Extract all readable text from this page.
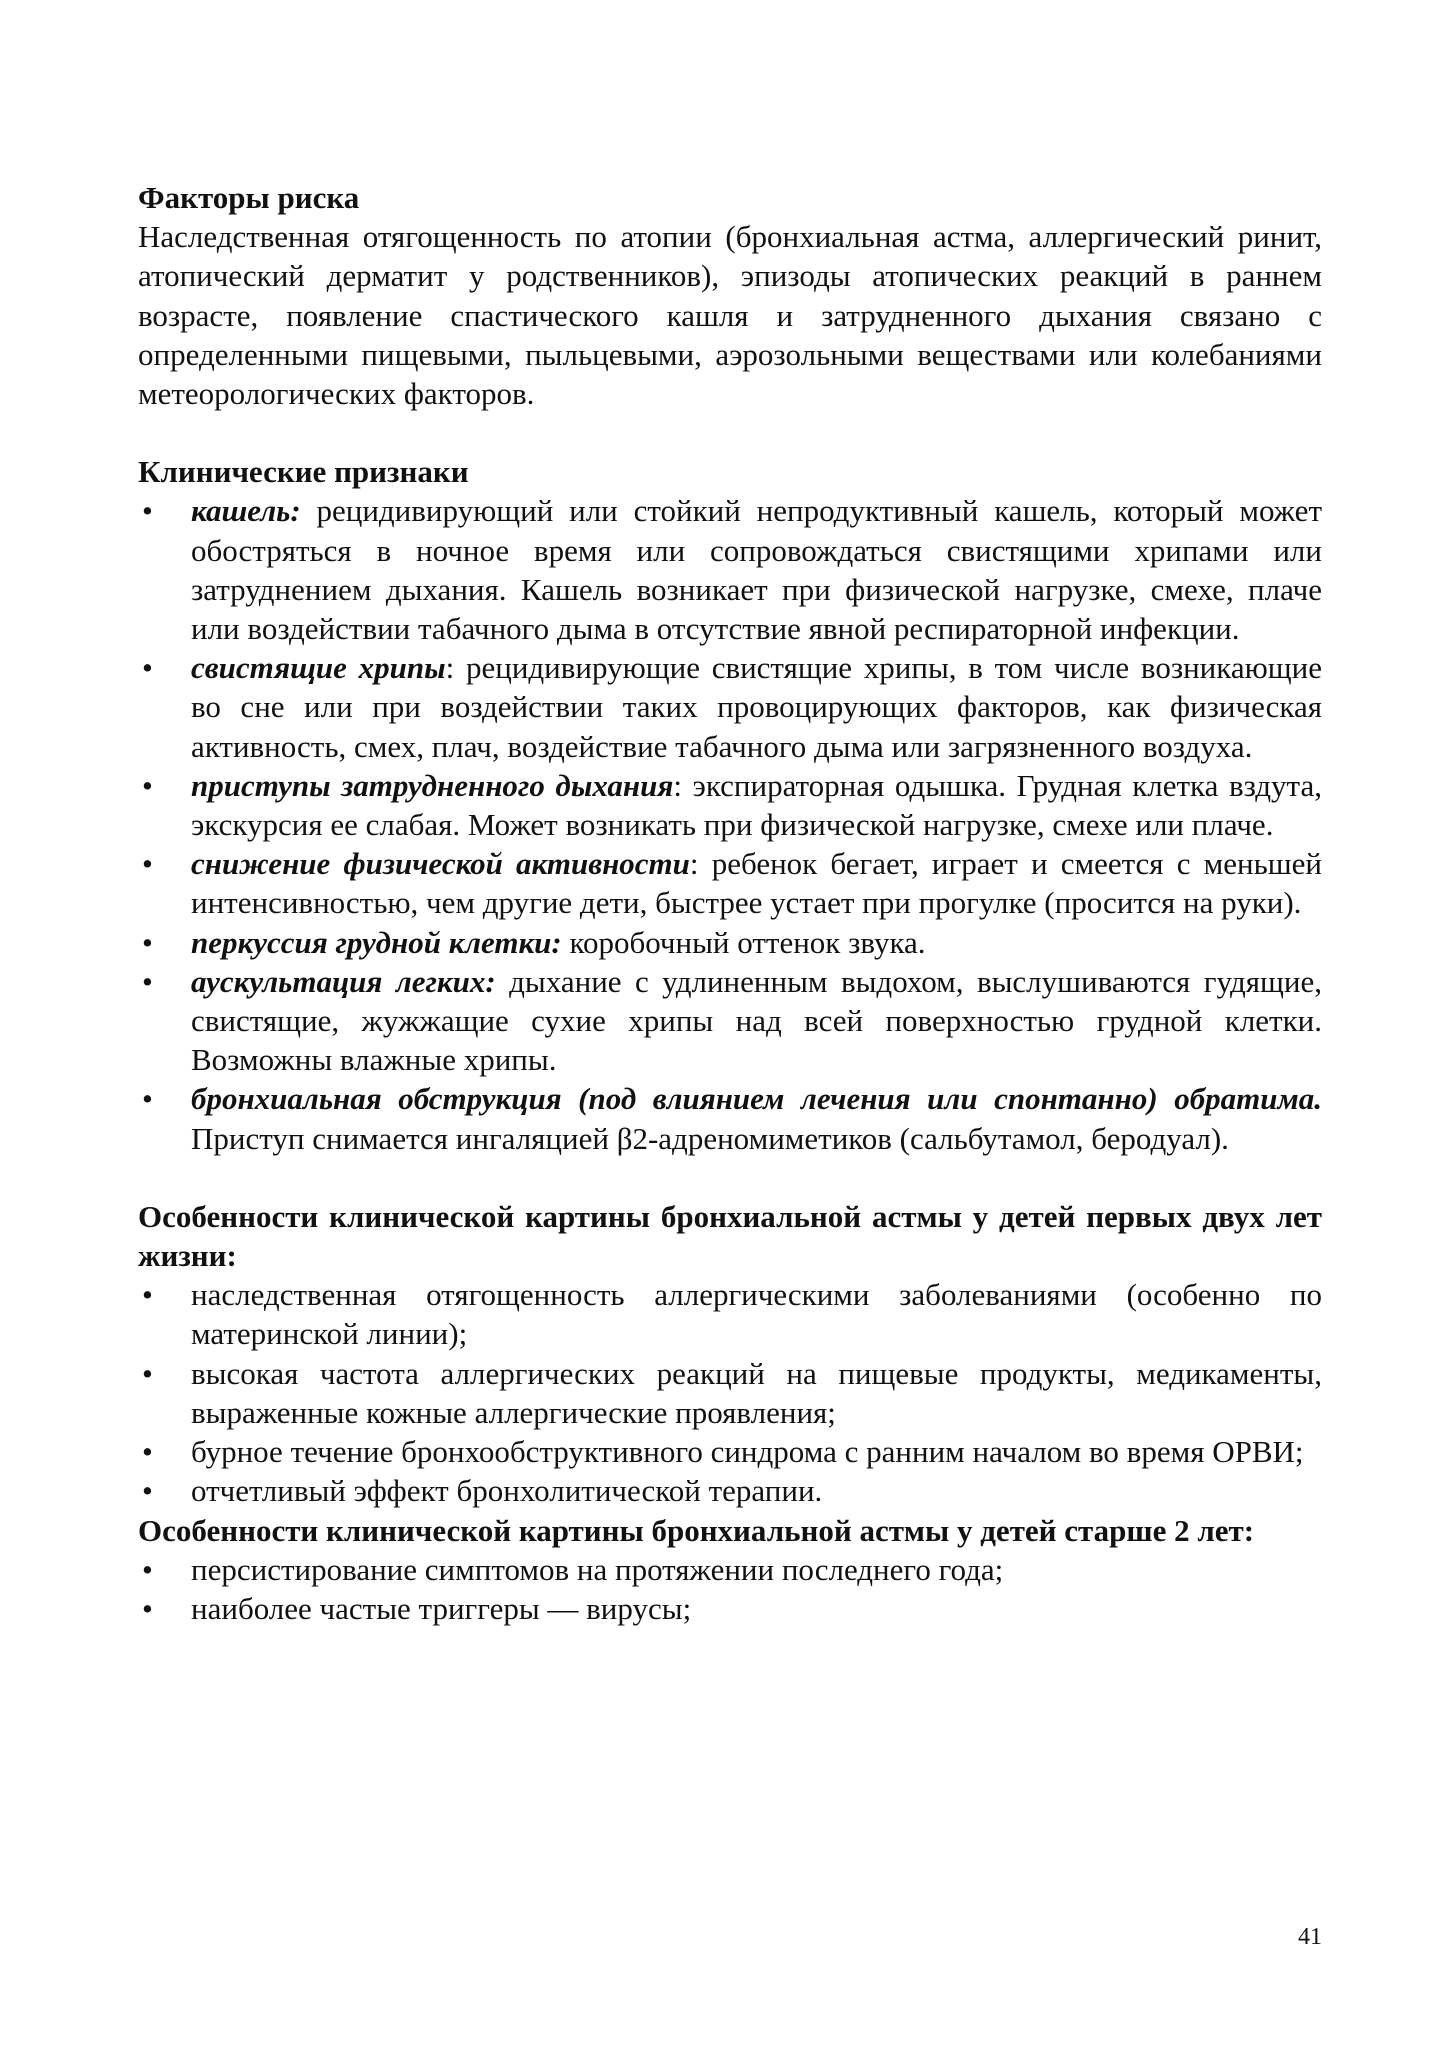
Факторы риска

Наследственная отягощенность по атопии (бронхиальная астма, аллергический ринит, атопический дерматит у родственников), эпизоды атопических реакций в раннем возрасте, появление спастического кашля и затрудненного дыхания связано с определенными пищевыми, пыльцевыми, аэрозольными веществами или колебаниями метеорологических факторов.

Клинические признаки

• кашель: рецидивирующий или стойкий непродуктивный кашель, который может обостряться в ночное время или сопровождаться свистящими хрипами или затруднением дыхания. Кашель возникает при физической нагрузке, смехе, плаче или воздействии табачного дыма в отсутствие явной респираторной инфекции.
• свистящие хрипы: рецидивирующие свистящие хрипы, в том числе возникающие во сне или при воздействии таких провоцирующих факторов, как физическая активность, смех, плач, воздействие табачного дыма или загрязненного воздуха.
• приступы затрудненного дыхания: экспираторная одышка. Грудная клетка вздута, экскурсия ее слабая. Может возникать при физической нагрузке, смехе или плаче.
• снижение физической активности: ребенок бегает, играет и смеется с меньшей интенсивностью, чем другие дети, быстрее устает при прогулке (просится на руки).
• перкуссия грудной клетки: коробочный оттенок звука.
• аускультация легких: дыхание с удлиненным выдохом, выслушиваются гудящие, свистящие, жужжащие сухие хрипы над всей поверхностью грудной клетки. Возможны влажные хрипы.
• бронхиальная обструкция (под влиянием лечения или спонтанно) обратима. Приступ снимается ингаляцией β2-адреномиметиков (сальбутамол, беродуал).

Особенности клинической картины бронхиальной астмы у детей первых двух лет жизни:

• наследственная отягощенность аллергическими заболеваниями (особенно по материнской линии);
• высокая частота аллергических реакций на пищевые продукты, медикаменты, выраженные кожные аллергические проявления;
• бурное течение бронхообструктивного синдрома с ранним началом во время ОРВИ;
• отчетливый эффект бронхолитической терапии.

Особенности клинической картины бронхиальной астмы у детей старше 2 лет:

• персистирование симптомов на протяжении последнего года;
• наиболее частые триггеры — вирусы;
41
